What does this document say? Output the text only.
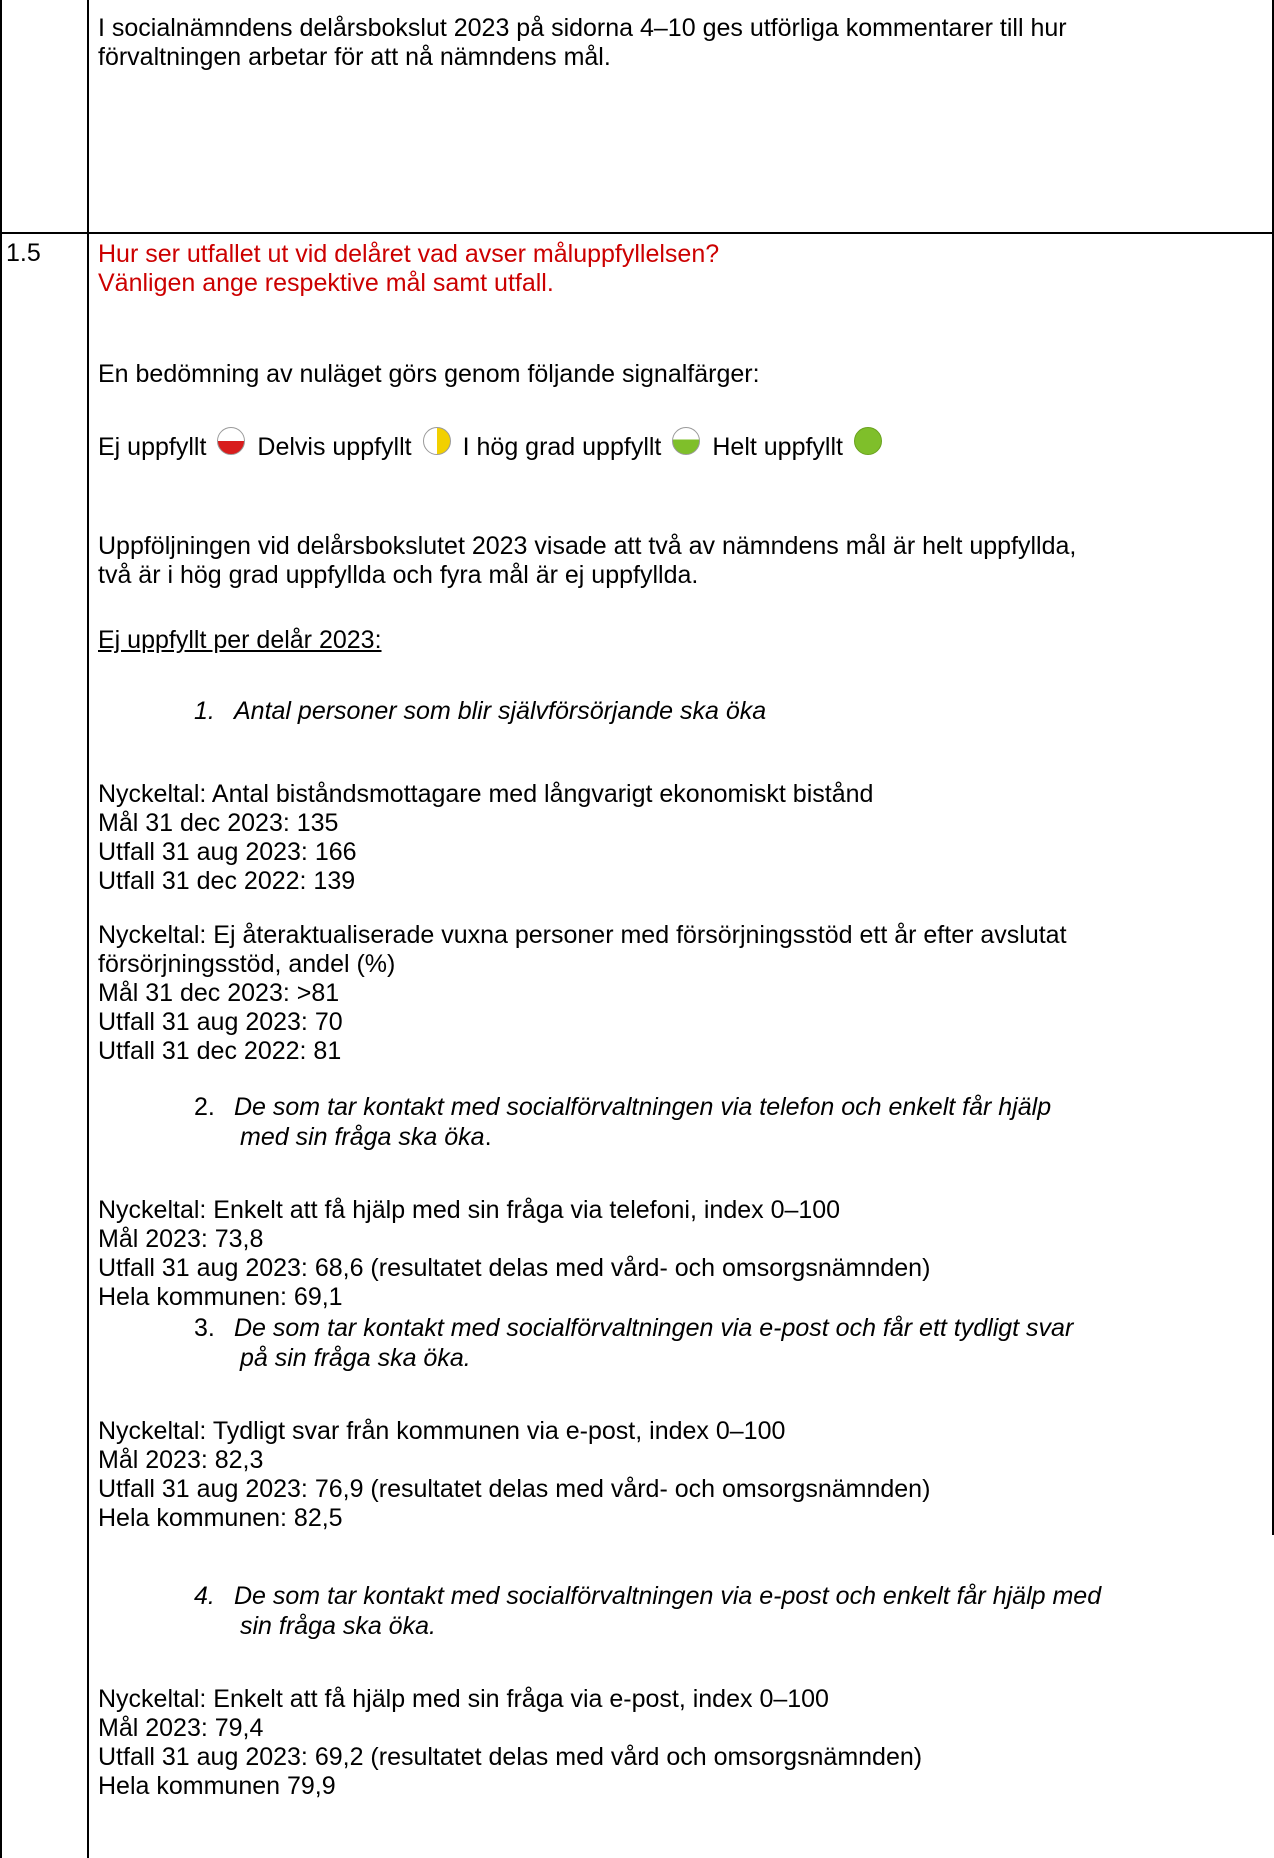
I socialnämndens delårsbokslut 2023 på sidorna 4–10 ges utförliga kommentarer till hur

förvaltningen arbetar för att nå nämndens mål.

1.5 Hur ser utfallet ut vid delåret vad avser måluppfyllelsen?

Vänligen ange respektive mål samt utfall.

En bedömning av nuläget görs genom följande signalfärger:

Ej uppfyllt Delvis uppfyllt I hög grad uppfyllt Helt uppfyllt

Uppföljningen vid delårsbokslutet 2023 visade att två av nämndens mål är helt uppfyllda,

två är i hög grad uppfyllda och fyra mål är ej uppfyllda.

Ej uppfyllt per delår 2023:

1. Antal personer som blir självförsörjande ska öka

Nyckeltal: Antal biståndsmottagare med långvarigt ekonomiskt bistånd

Mål 31 dec 2023: 135

Utfall 31 aug 2023: 166

Utfall 31 dec 2022: 139

Nyckeltal: Ej återaktualiserade vuxna personer med försörjningsstöd ett år efter avslutat

försörjningsstöd, andel (%)

Mål 31 dec 2023: >81

Utfall 31 aug 2023: 70

Utfall 31 dec 2022: 81

2. De som tar kontakt med socialförvaltningen via telefon och enkelt får hjälp
med sin fråga ska öka.

Nyckeltal: Enkelt att få hjälp med sin fråga via telefoni, index 0–100

Mål 2023: 73,8

Utfall 31 aug 2023: 68,6 (resultatet delas med vård- och omsorgsnämnden)

Hela kommunen: 69,1

3. De som tar kontakt med socialförvaltningen via e-post och får ett tydligt svar
på sin fråga ska öka.

Nyckeltal: Tydligt svar från kommunen via e-post, index 0–100

Mål 2023: 82,3

Utfall 31 aug 2023: 76,9 (resultatet delas med vård- och omsorgsnämnden)

Hela kommunen: 82,5

4. De som tar kontakt med socialförvaltningen via e-post och enkelt får hjälp med
sin fråga ska öka.

Nyckeltal: Enkelt att få hjälp med sin fråga via e-post, index 0–100

Mål 2023: 79,4

Utfall 31 aug 2023: 69,2 (resultatet delas med vård och omsorgsnämnden)

Hela kommunen 79,9
